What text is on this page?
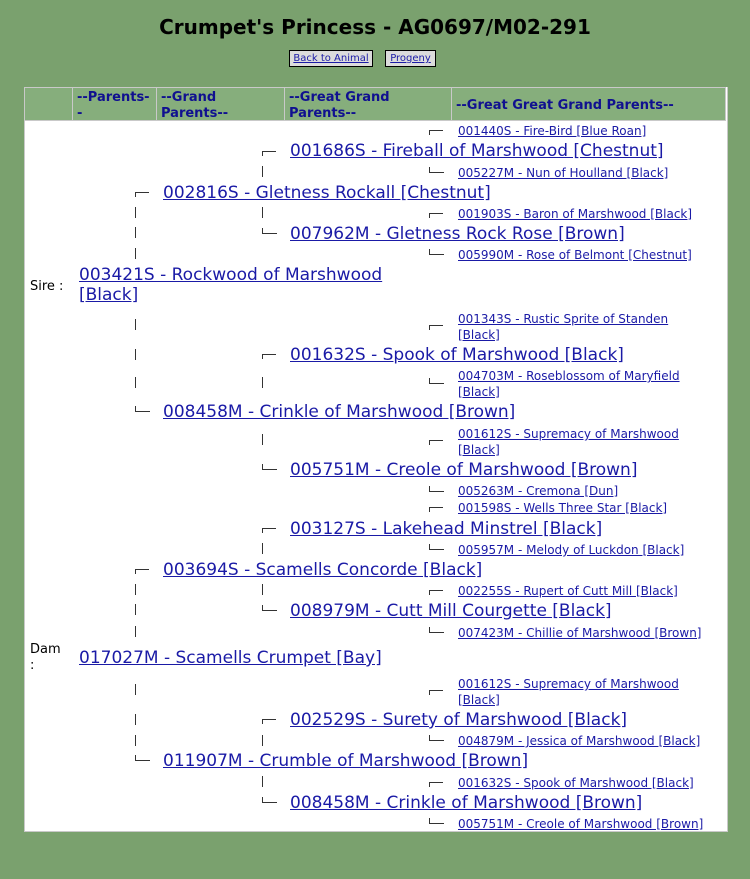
Crumpet's Princess - AG0697/M02-291
Back to Animal	Progeny
--Parents--
--Grand Parents--
--Great Grand Parents--
--Great Great Grand Parents--
Sire :
Dam :
003421S - Rockwood of Marshwood [Black]
017027M - Scamells Crumpet [Bay]
002816S - Gletness Rockall [Chestnut]
008458M - Crinkle of Marshwood [Brown]
003694S - Scamells Concorde [Black]
011907M - Crumble of Marshwood [Brown]
001686S - Fireball of Marshwood [Chestnut]
007962M - Gletness Rock Rose [Brown]
001632S - Spook of Marshwood [Black]
005751M - Creole of Marshwood [Brown]
003127S - Lakehead Minstrel [Black]
008979M - Cutt Mill Courgette [Black]
002529S - Surety of Marshwood [Black]
008458M - Crinkle of Marshwood [Brown]
001440S - Fire-Bird [Blue Roan]
005227M - Nun of Houlland [Black]
001903S - Baron of Marshwood [Black]
005990M - Rose of Belmont [Chestnut]
001343S - Rustic Sprite of Standen [Black]
004703M - Roseblossom of Maryfield [Black]
001612S - Supremacy of Marshwood [Black]
005263M - Cremona [Dun]
001598S - Wells Three Star [Black]
005957M - Melody of Luckdon [Black]
002255S - Rupert of Cutt Mill [Black]
007423M - Chillie of Marshwood [Brown]
001612S - Supremacy of Marshwood [Black]
004879M - Jessica of Marshwood [Black]
001632S - Spook of Marshwood [Black]
005751M - Creole of Marshwood [Brown]
